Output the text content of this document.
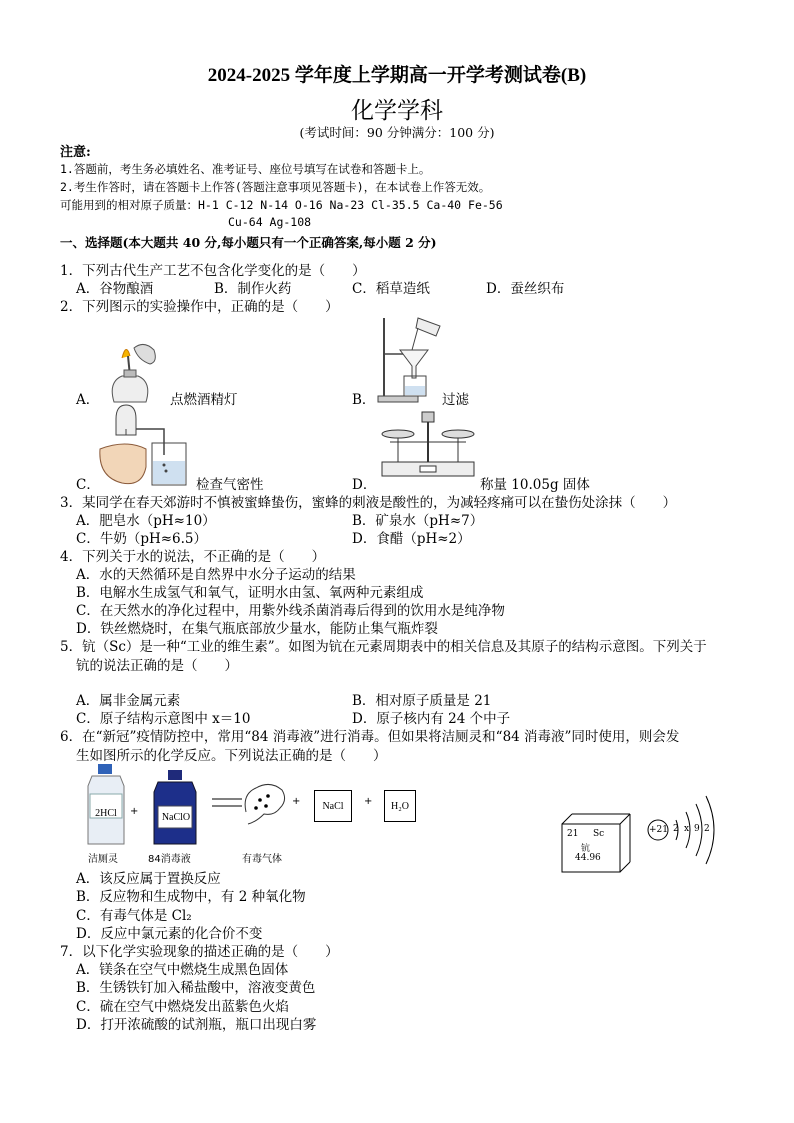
2024-2025 学年度上学期高一开学考测试卷(B)
化学学科
(考试时间：90 分钟满分：100 分)
注意:
1.答题前，考生务必填姓名、准考证号、座位号填写在试卷和答题卡上。
2.考生作答时，请在答题卡上作答(答题注意事项见答题卡)，在本试卷上作答无效。
可能用到的相对原子质量：H-1 C-12 N-14 O-16 Na-23 Cl-35.5 Ca-40 Fe-56
Cu-64 Ag-108
一、选择题(本大题共 40 分,每小题只有一个正确答案,每小题 2 分)
1．下列古代生产工艺不包含化学变化的是（　　）
A．谷物酿酒	B．制作火药	C．稻草造纸	D．蚕丝织布
2．下列图示的实验操作中，正确的是（　　）
A．	点燃酒精灯	B．	过滤
C．	检查气密性	D．	称量 10.05g 固体
3．某同学在春天郊游时不慎被蜜蜂蛰伤，蜜蜂的刺液是酸性的，为减轻疼痛可以在蛰伤处涂抹（　　）
A．肥皂水（pH≈10）	B．矿泉水（pH≈7）
C．牛奶（pH≈6.5）	D．食醋（pH≈2）
4．下列关于水的说法，不正确的是（　　）
A．水的天然循环是自然界中水分子运动的结果
B．电解水生成氢气和氧气，证明水由氢、氧两种元素组成
C．在天然水的净化过程中，用紫外线杀菌消毒后得到的饮用水是纯净物
D．铁丝燃烧时，在集气瓶底部放少量水，能防止集气瓶炸裂
5．钪（Sc）是一种“工业的维生素”。如图为钪在元素周期表中的相关信息及其原子的结构示意图。下列关于
钪的说法正确的是（　　）
A．属非金属元素	B．相对原子质量是 21
C．原子结构示意图中 x＝10	D．原子核内有 24 个中子
6．在“新冠”疫情防控中，常用“84 消毒液”进行消毒。但如果将洁厕灵和“84 消毒液”同时使用，则会发
生如图所示的化学反应。下列说法正确的是（　　）
2HCl	+
NaClO
+	NaCl	+	H₂O
洁厕灵	84消毒液	有毒气体
21 Sc
钪
44.96
+21 2 x 9 2
A．该反应属于置换反应
B．反应物和生成物中，有 2 种氧化物
C．有毒气体是 Cl₂
D．反应中氯元素的化合价不变
7．以下化学实验现象的描述正确的是（　　）
A．镁条在空气中燃烧生成黑色固体
B．生锈铁钉加入稀盐酸中，溶液变黄色
C．硫在空气中燃烧发出蓝紫色火焰
D．打开浓硫酸的试剂瓶，瓶口出现白雾
